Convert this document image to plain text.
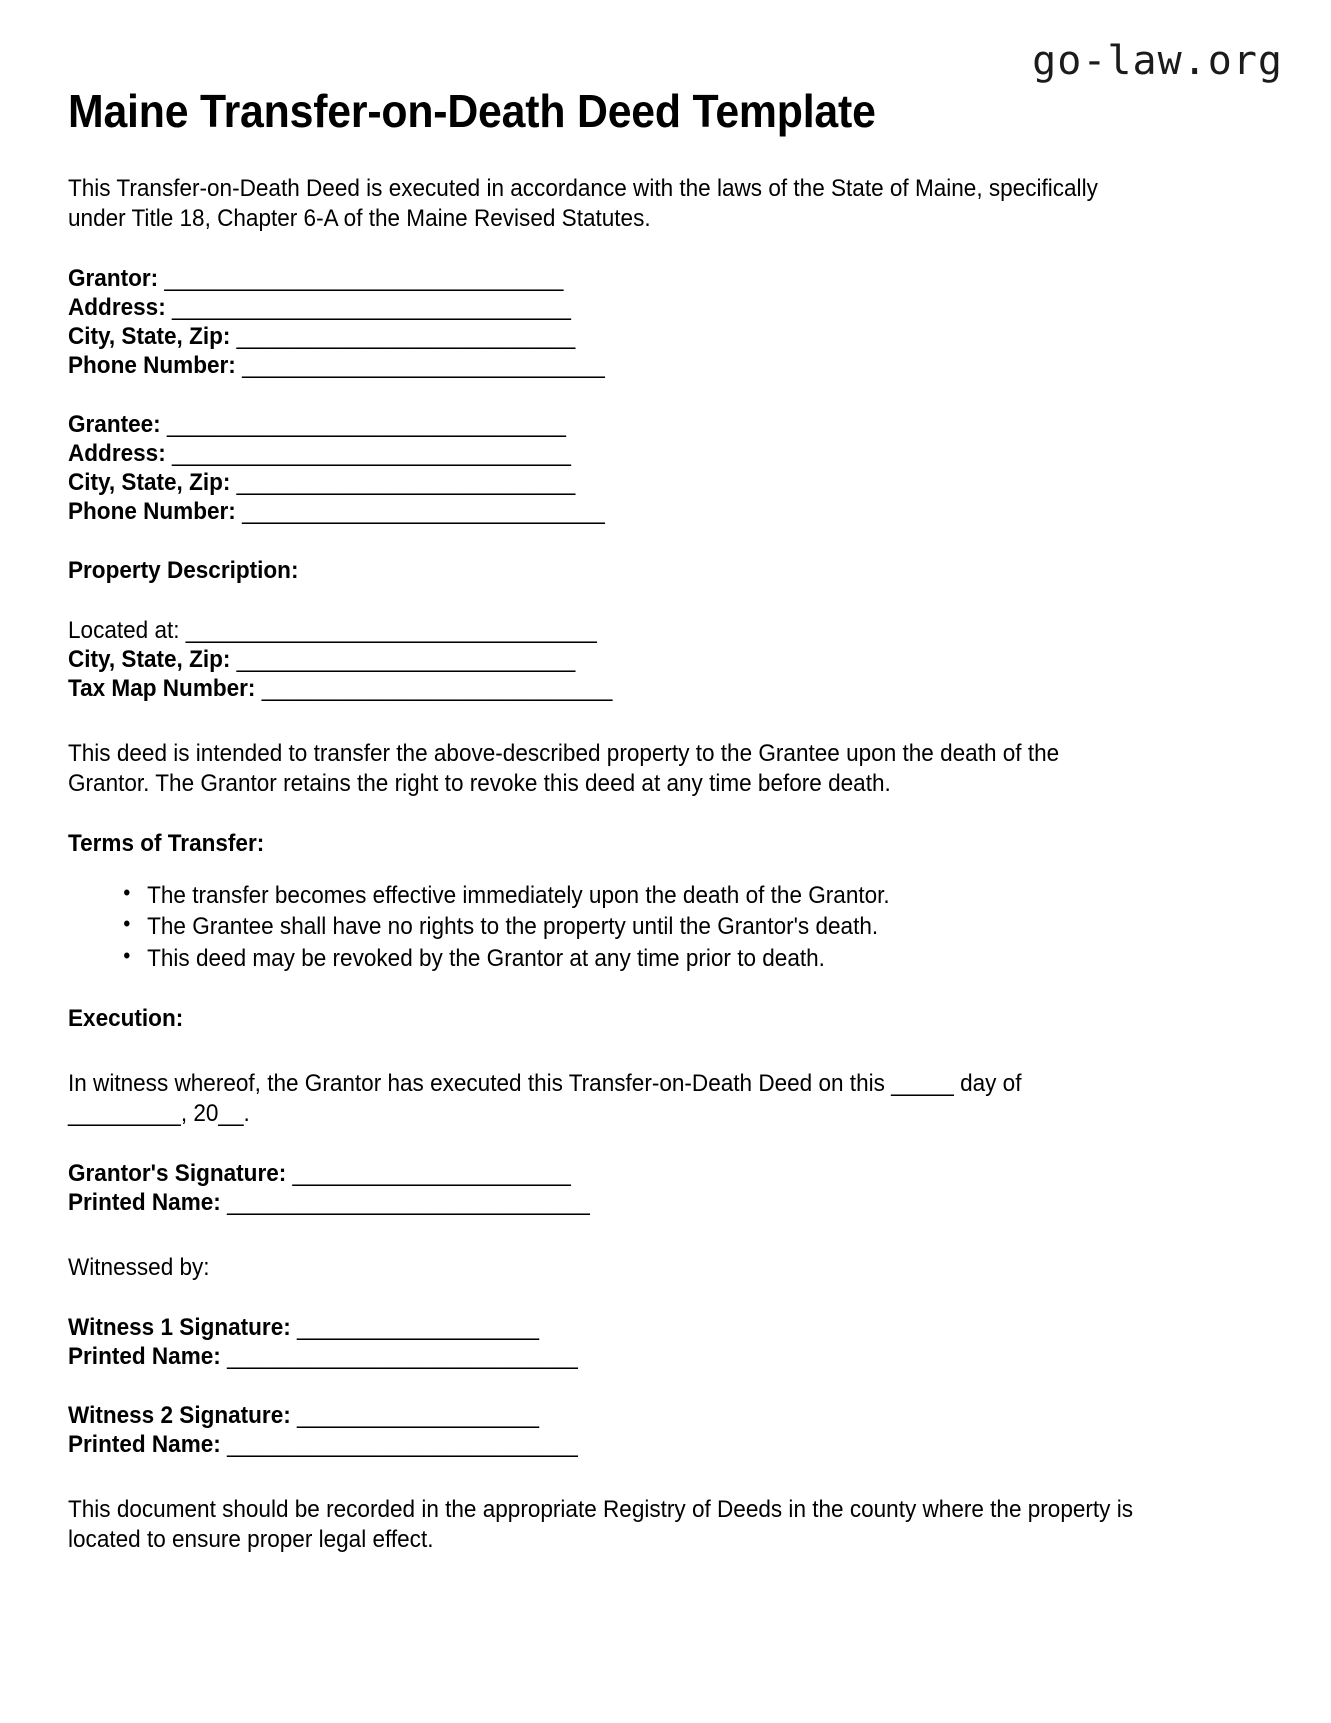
go-law.org
Maine Transfer-on-Death Deed Template

This Transfer-on-Death Deed is executed in accordance with the laws of the State of Maine, specifically under Title 18, Chapter 6-A of the Maine Revised Statutes.

Grantor: _________________________________
Address: _________________________________
City, State, Zip: ____________________________
Phone Number: ______________________________
Grantee: _________________________________
Address: _________________________________
City, State, Zip: ____________________________
Phone Number: ______________________________
Property Description:
Located at: __________________________________
City, State, Zip: ____________________________
Tax Map Number: _____________________________

This deed is intended to transfer the above-described property to the Grantee upon the death of the Grantor. The Grantor retains the right to revoke this deed at any time before death.

Terms of Transfer:
• The transfer becomes effective immediately upon the death of the Grantor.
• The Grantee shall have no rights to the property until the Grantor's death.
• This deed may be revoked by the Grantor at any time prior to death.
Execution:

In witness whereof, the Grantor has executed this Transfer-on-Death Deed on this _____ day of _________, 20__.

Grantor's Signature: _______________________
Printed Name: ______________________________

Witnessed by:

Witness 1 Signature: ____________________
Printed Name: _____________________________
Witness 2 Signature: ____________________
Printed Name: _____________________________

This document should be recorded in the appropriate Registry of Deeds in the county where the property is located to ensure proper legal effect.
